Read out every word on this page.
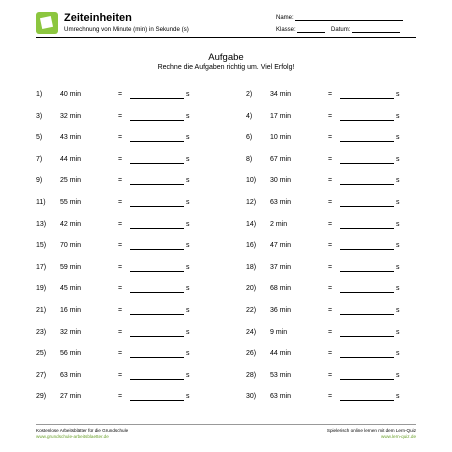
Zeiteinheiten
Umrechnung von Minute (min) in Sekunde (s)
Name:
Klasse:	Datum:
Aufgabe
Rechne die Aufgaben richtig um. Viel Erfolg!
1)	40 min	=	s	2)	34 min	=	s
3)	32 min	=	s	4)	17 min	=	s
5)	43 min	=	s	6)	10 min	=	s
7)	44 min	=	s	8)	67 min	=	s
9)	25 min	=	s	10)	30 min	=	s
11)	55 min	=	s	12)	63 min	=	s
13)	42 min	=	s	14)	2 min	=	s
15)	70 min	=	s	16)	47 min	=	s
17)	59 min	=	s	18)	37 min	=	s
19)	45 min	=	s	20)	68 min	=	s
21)	16 min	=	s	22)	36 min	=	s
23)	32 min	=	s	24)	9 min	=	s
25)	56 min	=	s	26)	44 min	=	s
27)	63 min	=	s	28)	53 min	=	s
29)	27 min	=	s	30)	63 min	=	s
Kostenlose Arbeitsblätter für die Grundschule
www.grundschule-arbeitsblaetter.de
Spielerisch online lernen mit dem Lern-Quiz
www.lern-quiz.de
